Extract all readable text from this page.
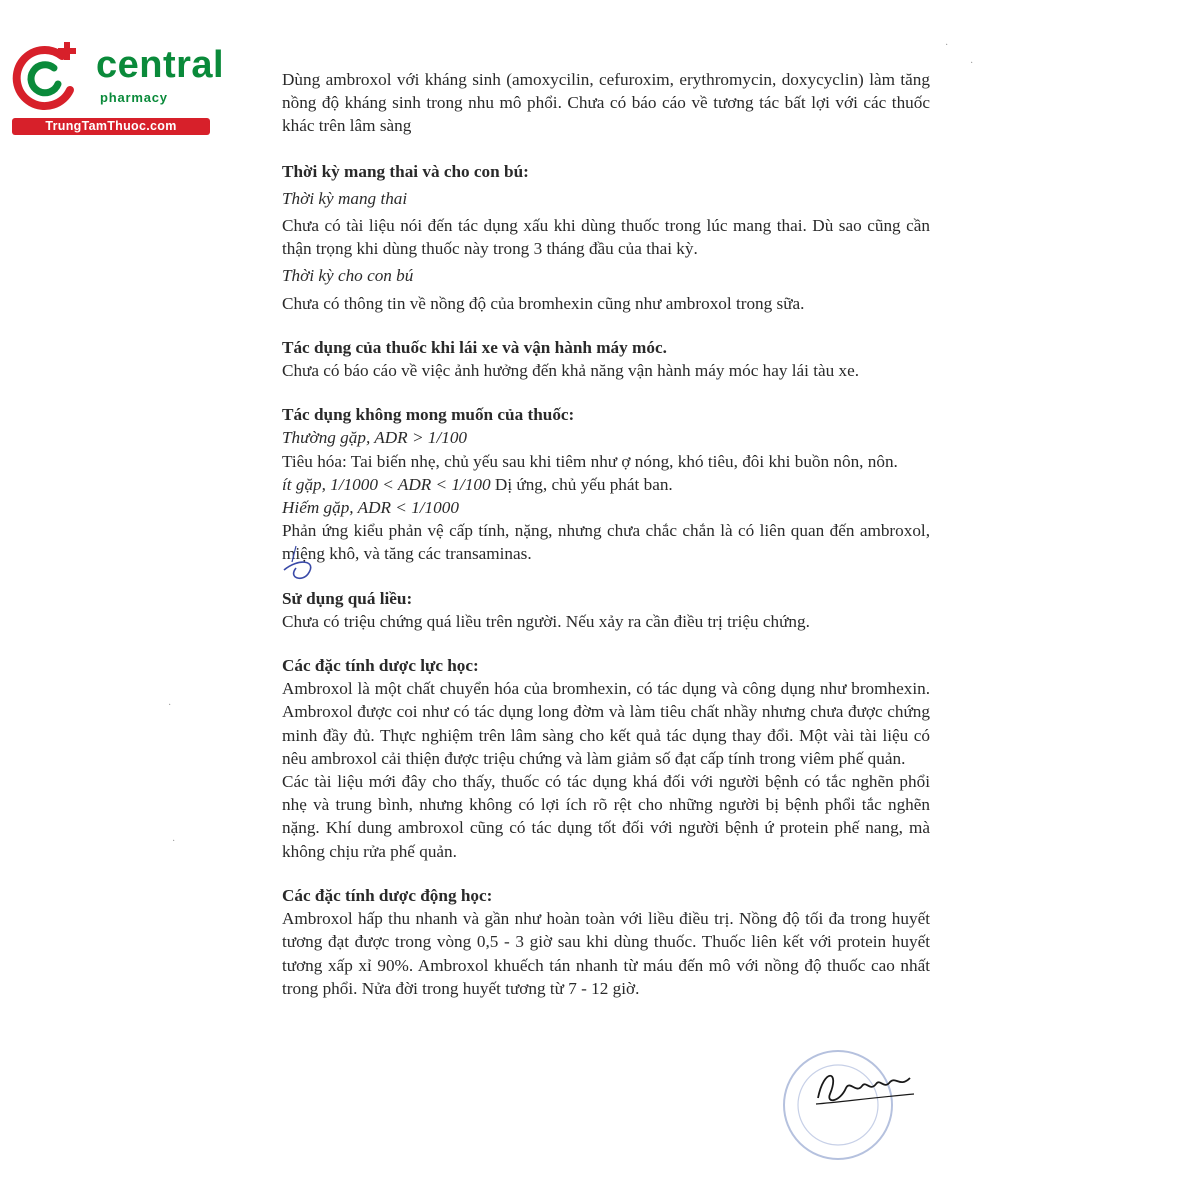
central
pharmacy
TrungTamThuoc.com

Dùng ambroxol với kháng sinh (amoxycilin, cefuroxim, erythromycin, doxycyclin) làm tăng nồng độ kháng sinh trong nhu mô phổi. Chưa có báo cáo về tương tác bất lợi với các thuốc khác trên lâm sàng

Thời kỳ mang thai và cho con bú:

Thời kỳ mang thai

Chưa có tài liệu nói đến tác dụng xấu khi dùng thuốc trong lúc mang thai. Dù sao cũng cần thận trọng khi dùng thuốc này trong 3 tháng đầu của thai kỳ.

Thời kỳ cho con bú

Chưa có thông tin về nồng độ của bromhexin cũng như ambroxol trong sữa.

Tác dụng của thuốc khi lái xe và vận hành máy móc.

Chưa có báo cáo về việc ảnh hưởng đến khả năng vận hành máy móc hay lái tàu xe.

Tác dụng không mong muốn của thuốc:

Thường gặp, ADR > 1/100

Tiêu hóa: Tai biến nhẹ, chủ yếu sau khi tiêm như ợ nóng, khó tiêu, đôi khi buồn nôn, nôn.

ít gặp, 1/1000 < ADR < 1/100 Dị ứng, chủ yếu phát ban.

Hiếm gặp, ADR < 1/1000

Phản ứng kiểu phản vệ cấp tính, nặng, nhưng chưa chắc chắn là có liên quan đến ambroxol, miệng khô, và tăng các transaminas.

Sử dụng quá liều:

Chưa có triệu chứng quá liều trên người. Nếu xảy ra cần điều trị triệu chứng.

Các đặc tính dược lực học:

Ambroxol là một chất chuyển hóa của bromhexin, có tác dụng và công dụng như bromhexin. Ambroxol được coi như có tác dụng long đờm và làm tiêu chất nhầy nhưng chưa được chứng minh đầy đủ. Thực nghiệm trên lâm sàng cho kết quả tác dụng thay đổi. Một vài tài liệu có nêu ambroxol cải thiện được triệu chứng và làm giảm số đạt cấp tính trong viêm phế quản.

Các tài liệu mới đây cho thấy, thuốc có tác dụng khá đối với người bệnh có tắc nghẽn phổi nhẹ và trung bình, nhưng không có lợi ích rõ rệt cho những người bị bệnh phổi tắc nghẽn nặng. Khí dung ambroxol cũng có tác dụng tốt đối với người bệnh ứ protein phế nang, mà không chịu rửa phế quản.

Các đặc tính dược động học:

Ambroxol hấp thu nhanh và gần như hoàn toàn với liều điều trị. Nồng độ tối đa trong huyết tương đạt được trong vòng 0,5 - 3 giờ sau khi dùng thuốc. Thuốc liên kết với protein huyết tương xấp xỉ 90%. Ambroxol khuếch tán nhanh từ máu đến mô với nồng độ thuốc cao nhất trong phổi. Nửa đời trong huyết tương từ 7 - 12 giờ.

·
·
·
·
